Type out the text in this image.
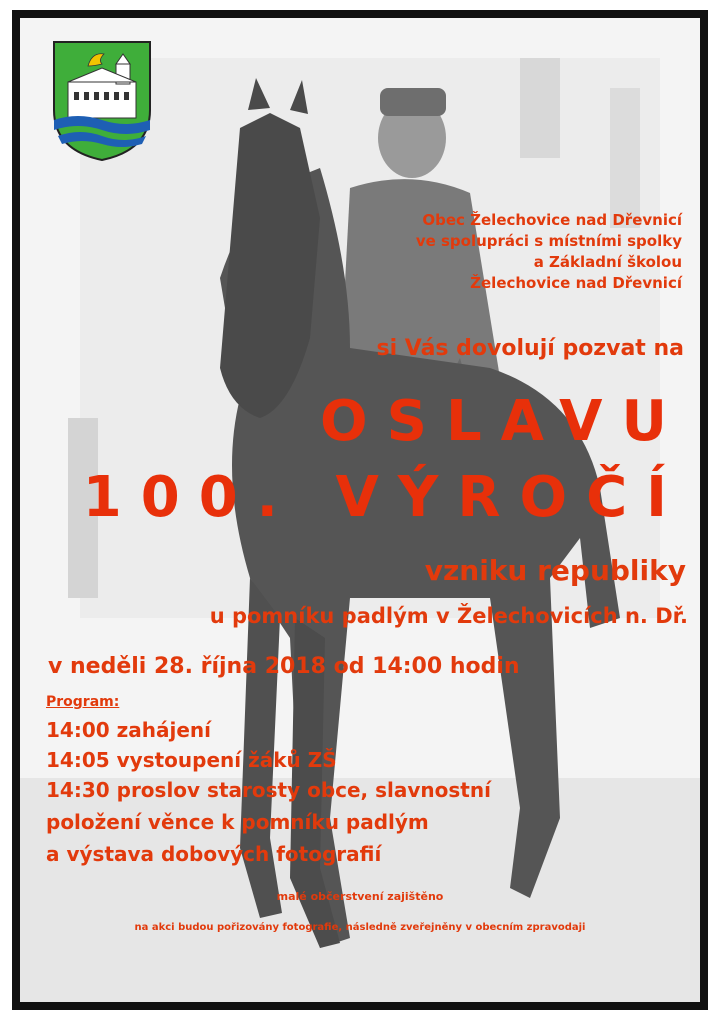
Obec Želechovice nad Dřevnicí
ve spolupráci s místními spolky
a Základní školou
Želechovice nad Dřevnicí
si Vás dovolují pozvat na
OSLAVU
100. VÝROČÍ
vzniku republiky
u pomníku padlým v Želechovicích n. Dř.
v neděli 28. října 2018 od 14:00 hodin
Program:
14:00 zahájení
14:05 vystoupení žáků ZŠ
14:30 proslov starosty obce, slavnostní
položení věnce k pomníku padlým
a výstava dobových fotografií
malé občerstvení zajištěno
na akci budou pořizovány fotografie, následně zveřejněny v obecním zpravodaji
